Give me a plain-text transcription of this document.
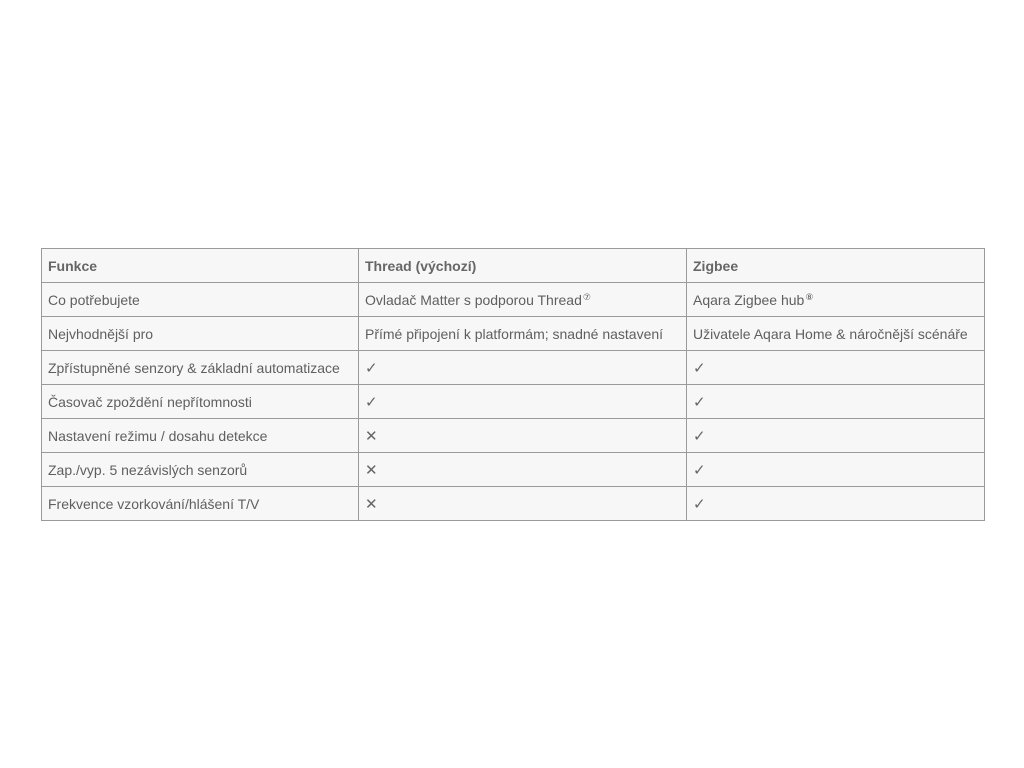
Funkce	Thread (výchozí)	Zigbee
Co potřebujete	Ovladač Matter s podporou Thread⑦	Aqara Zigbee hub⑧
Nejvhodnější pro	Přímé připojení k platformám; snadné nastavení	Uživatele Aqara Home & náročnější scénáře
Zpřístupněné senzory & základní automatizace	✓	✓
Časovač zpoždění nepřítomnosti	✓	✓
Nastavení režimu / dosahu detekce	✕	✓
Zap./vyp. 5 nezávislých senzorů	✕	✓
Frekvence vzorkování/hlášení T/V	✕	✓
